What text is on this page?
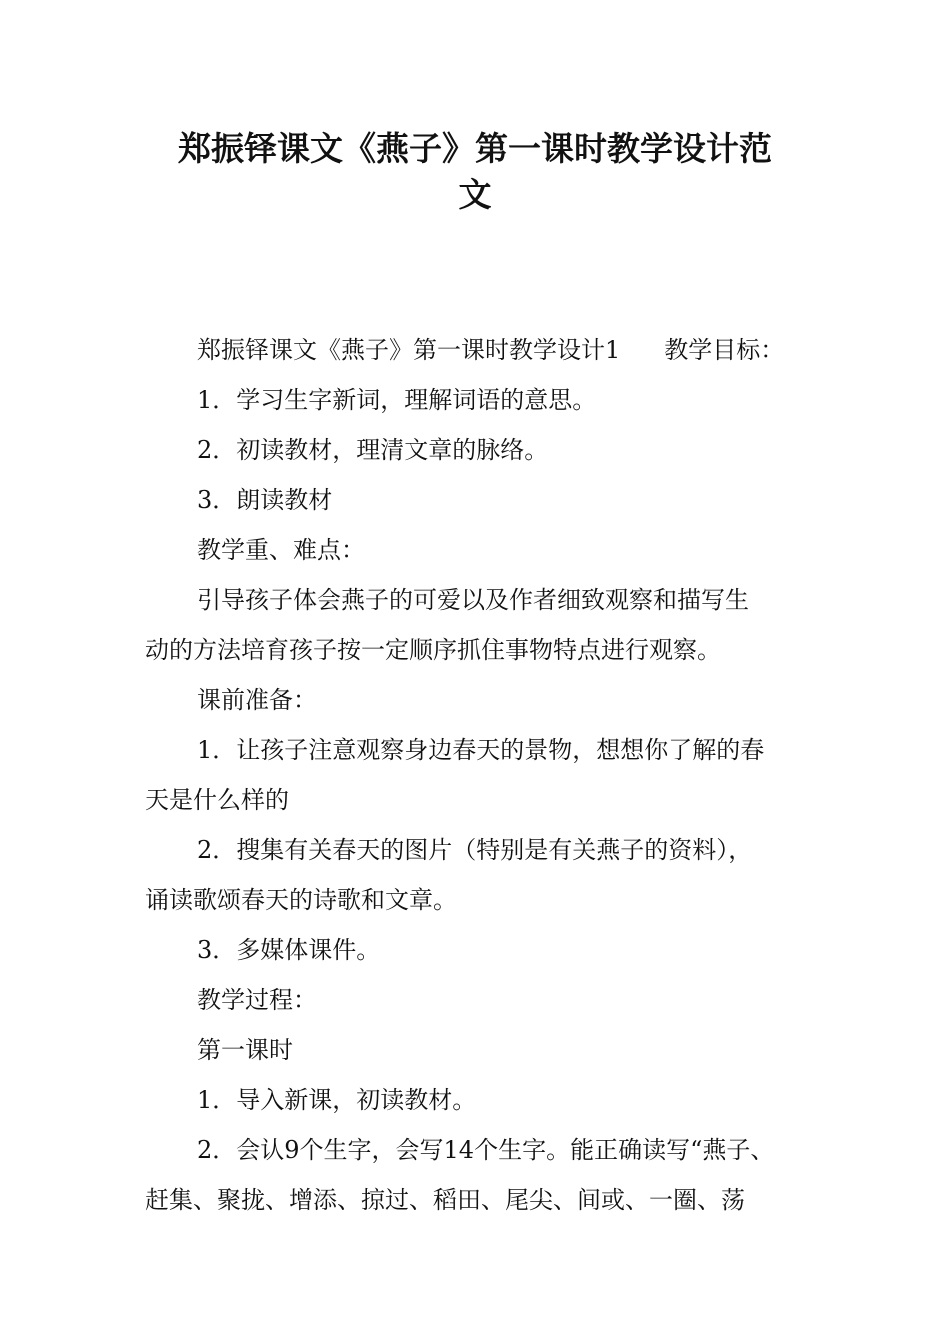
郑振铎课文《燕子》第一课时教学设计范
文

郑振铎课文《燕子》第一课时教学设计1 教学目标：

1．学习生字新词，理解词语的意思。

2．初读教材，理清文章的脉络。

3．朗读教材

教学重、难点：

引导孩子体会燕子的可爱以及作者细致观察和描写生

动的方法培育孩子按一定顺序抓住事物特点进行观察。

课前准备：

1．让孩子注意观察身边春天的景物，想想你了解的春

天是什么样的

2．搜集有关春天的图片（特别是有关燕子的资料），

诵读歌颂春天的诗歌和文章。

3．多媒体课件。

教学过程：

第一课时

1．导入新课，初读教材。

2．会认9个生字，会写14个生字。能正确读写“燕子、

赶集、聚拢、增添、掠过、稻田、尾尖、间或、一圈、荡
